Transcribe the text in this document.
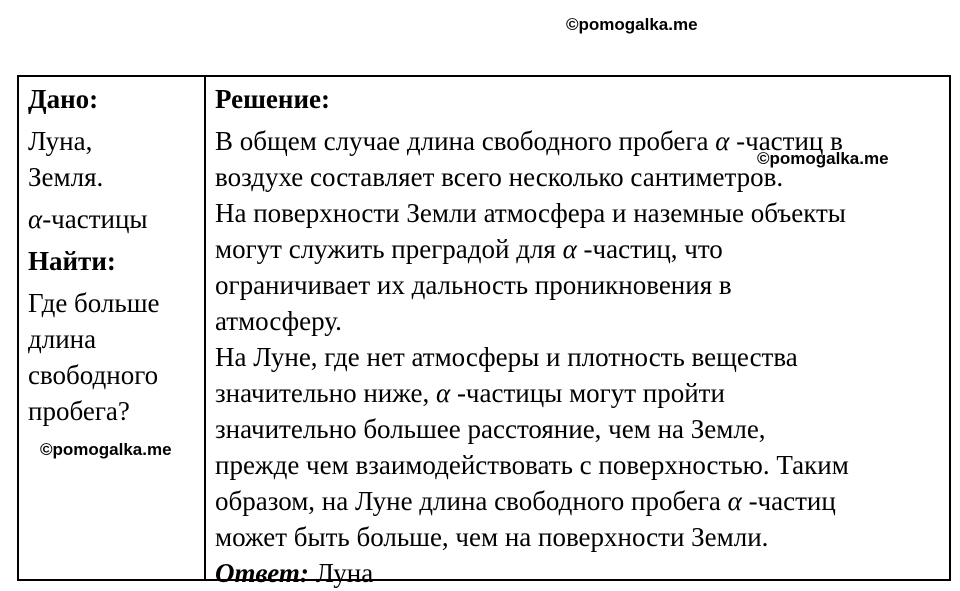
©pomogalka.me
Дано:
Луна,
Земля.
α-частицы
Найти:
Где больше
длина
свободного
пробега?
Решение:
В общем случае длина свободного пробега α -частиц в
воздухе составляет всего несколько сантиметров.
На поверхности Земли атмосфера и наземные объекты
могут служить преградой для α -частиц, что
ограничивает их дальность проникновения в
атмосферу.
На Луне, где нет атмосферы и плотность вещества
значительно ниже, α -частицы могут пройти
значительно большее расстояние, чем на Земле,
прежде чем взаимодействовать с поверхностью. Таким
образом, на Луне длина свободного пробега α -частиц
может быть больше, чем на поверхности Земли.
Ответ: Луна
©pomogalka.me
©pomogalka.me
